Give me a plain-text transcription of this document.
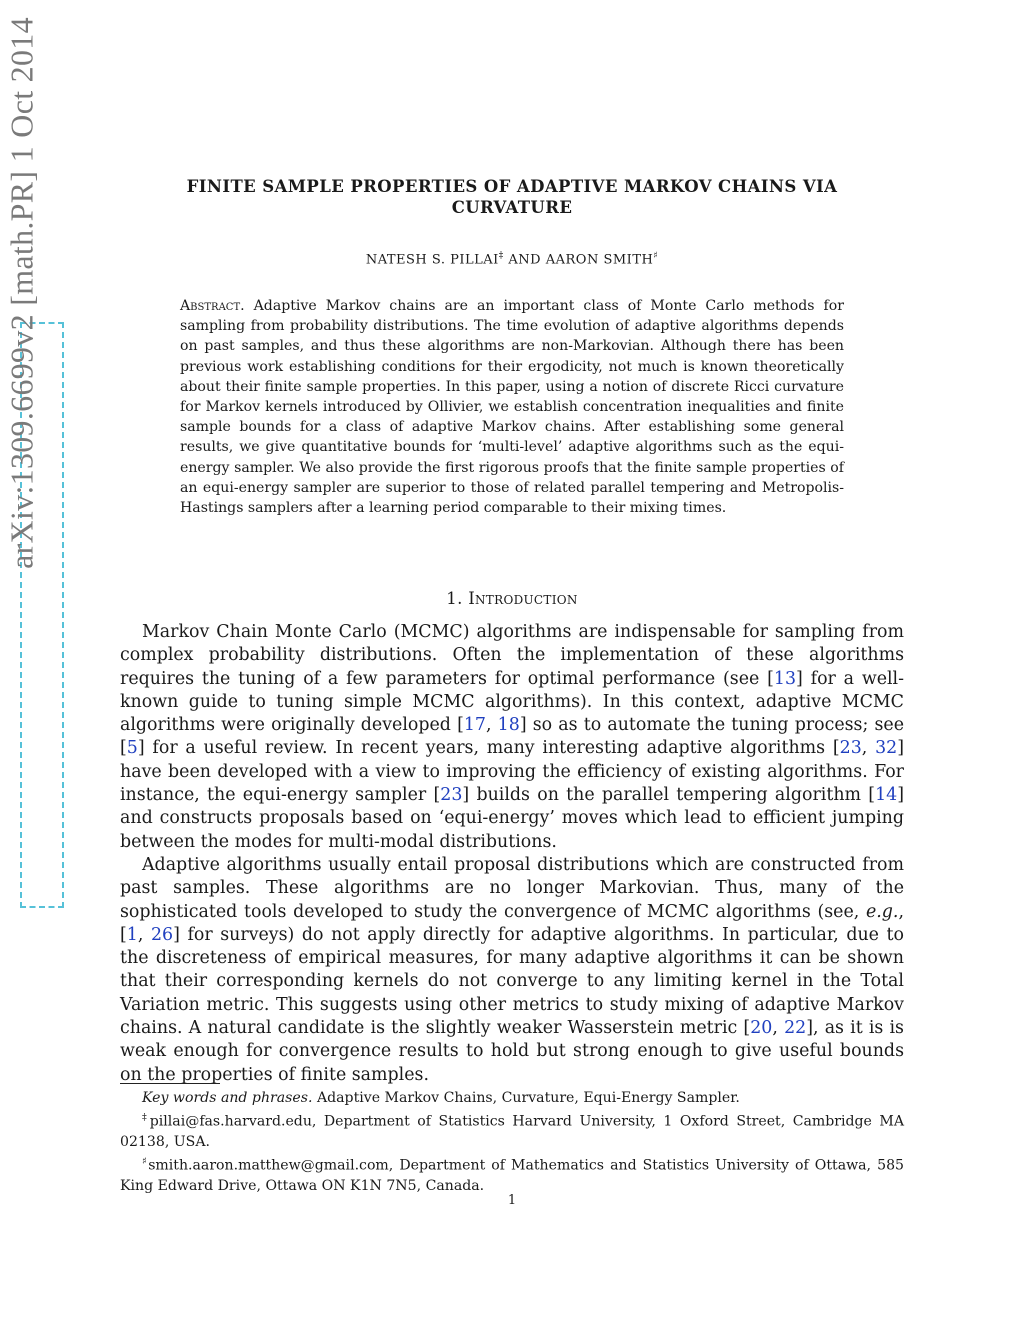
arXiv:1309.6699v2 [math.PR] 1 Oct 2014	FINITE SAMPLE PROPERTIES OF ADAPTIVE MARKOV CHAINS VIA
CURVATURE
NATESH S. PILLAI‡ AND AARON SMITH♯
Abstract. Adaptive Markov chains are an important class of Monte Carlo methods for sampling from probability distributions. The time evolution of adaptive algorithms depends on past samples, and thus these algorithms are non-Markovian. Although there has been previous work establishing conditions for their ergodicity, not much is known theoretically about their finite sample properties. In this paper, using a notion of discrete Ricci curvature for Markov kernels introduced by Ollivier, we establish concentration inequalities and finite sample bounds for a class of adaptive Markov chains. After establishing some general results, we give quantitative bounds for ‘multi-level’ adaptive algorithms such as the equi-energy sampler. We also provide the first rigorous proofs that the finite sample properties of an equi-energy sampler are superior to those of related parallel tempering and Metropolis-Hastings samplers after a learning period comparable to their mixing times.
1. Introduction

Markov Chain Monte Carlo (MCMC) algorithms are indispensable for sampling from complex probability distributions. Often the implementation of these algorithms requires the tuning of a few parameters for optimal performance (see [13] for a well-known guide to tuning simple MCMC algorithms). In this context, adaptive MCMC algorithms were originally developed [17, 18] so as to automate the tuning process; see [5] for a useful review. In recent years, many interesting adaptive algorithms [23, 32] have been developed with a view to improving the efficiency of existing algorithms. For instance, the equi-energy sampler [23] builds on the parallel tempering algorithm [14] and constructs proposals based on ‘equi-energy’ moves which lead to efficient jumping between the modes for multi-modal distributions.

Adaptive algorithms usually entail proposal distributions which are constructed from past samples. These algorithms are no longer Markovian. Thus, many of the sophisticated tools developed to study the convergence of MCMC algorithms (see, e.g., [1, 26] for surveys) do not apply directly for adaptive algorithms. In particular, due to the discreteness of empirical measures, for many adaptive algorithms it can be shown that their corresponding kernels do not converge to any limiting kernel in the Total Variation metric. This suggests using other metrics to study mixing of adaptive Markov chains. A natural candidate is the slightly weaker Wasserstein metric [20, 22], as it is is weak enough for convergence results to hold but strong enough to give useful bounds on the properties of finite samples.

Key words and phrases. Adaptive Markov Chains, Curvature, Equi-Energy Sampler.

‡pillai@fas.harvard.edu, Department of Statistics Harvard University, 1 Oxford Street, Cambridge MA 02138, USA.

♯smith.aaron.matthew@gmail.com, Department of Mathematics and Statistics University of Ottawa, 585 King Edward Drive, Ottawa ON K1N 7N5, Canada.

1
